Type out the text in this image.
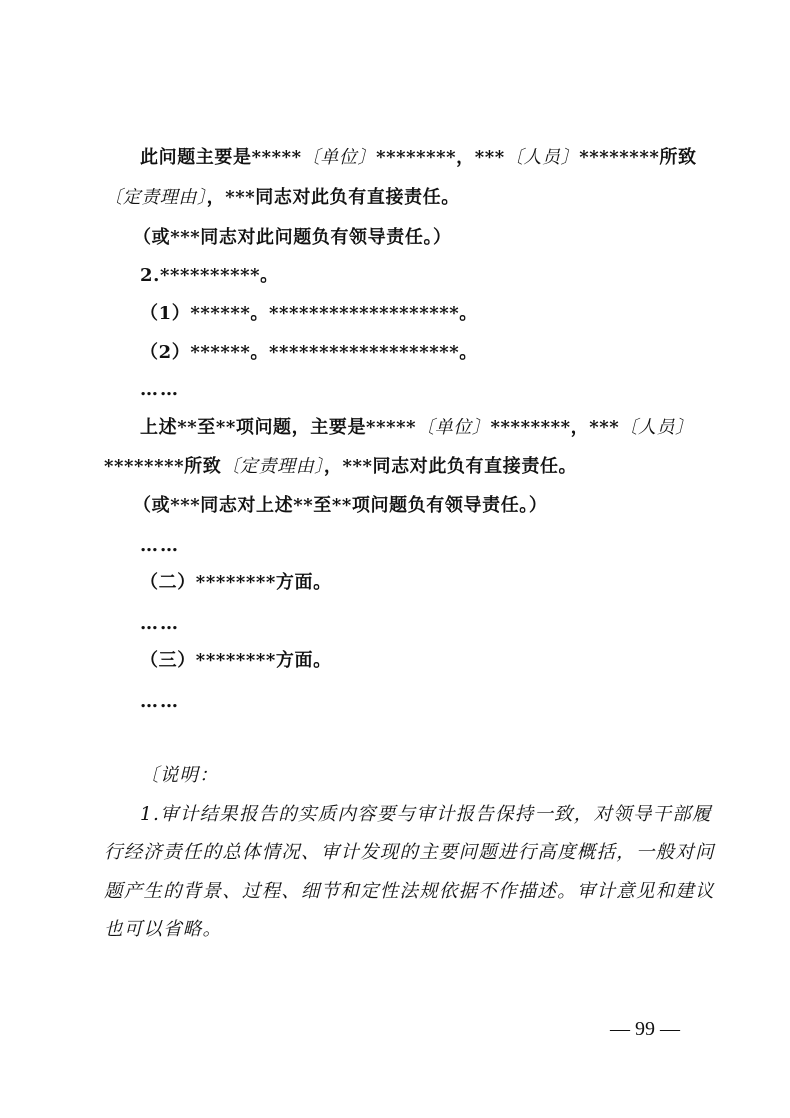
此问题主要是*****〔单位〕********，***〔人员〕********所致
〔定责理由〕，***同志对此负有直接责任。
（或***同志对此问题负有领导责任。）
2.**********。
（1）******。*******************。
（2）******。*******************。
……
上述**至**项问题，主要是*****〔单位〕********，***〔人员〕
********所致〔定责理由〕，***同志对此负有直接责任。
（或***同志对上述**至**项问题负有领导责任。）
……
（二）********方面。
……
（三）********方面。
……
〔说明：
1.审计结果报告的实质内容要与审计报告保持一致，对领导干部履
行经济责任的总体情况、审计发现的主要问题进行高度概括，一般对问
题产生的背景、过程、细节和定性法规依据不作描述。审计意见和建议
也可以省略。
— 99 —
